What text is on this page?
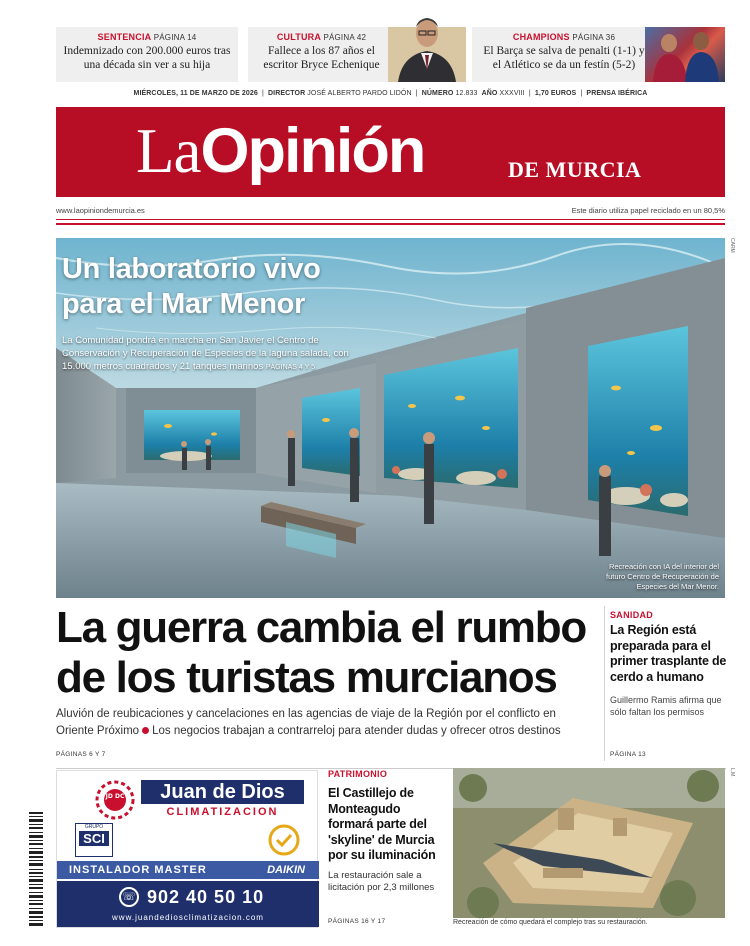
SENTENCIA PÁGINA 14
Indemnizado con 200.000 euros tras una década sin ver a su hija
CULTURA PÁGINA 42
Fallece a los 87 años el escritor Bryce Echenique
CHAMPIONS PÁGINA 36
El Barça se salva de penalti (1-1) y el Atlético se da un festín (5-2)
MIÉRCOLES, 11 DE MARZO DE 2026  |  DIRECTOR JOSÉ ALBERTO PARDO LIDÓN  |  NÚMERO 12.833 AÑO XXXVIII  |  1,70 EUROS  |  PRENSA IBÉRICA
LaOpinión	DE MURCIA
www.laopiniondemurcia.es	Este diario utiliza papel reciclado en un 80,5%
Un laboratorio vivo
para el Mar Menor
La Comunidad pondrá en marcha en San Javier el Centro de Conservación y Recuperación de Especies de la laguna salada, con 15.000 metros cuadrados y 21 tanques marinos PÁGINAS 4 Y 5
Recreación con IA del interior del futuro Centro de Recuperación de Especies del Mar Menor.
CARM
La guerra cambia el rumbo
de los turistas murcianos
Aluvión de reubicaciones y cancelaciones en las agencias de viaje de la Región por el conflicto en Oriente Próximo Los negocios trabajan a contrarreloj para atender dudas y ofrecer otros destinos
PÁGINAS 6 Y 7
SANIDAD
La Región está preparada para el primer trasplante de cerdo a humano
Guillermo Ramis afirma que sólo faltan los permisos
PÁGINA 13
JD DC	Juan de Dios
CLIMATIZACION
GRUPO
SCI
INSTALADOR MASTER	DAIKIN
☏ 902 40 50 10
www.juandediosclimatizacion.com
PATRIMONIO
El Castillejo de Monteagudo formará parte del 'skyline' de Murcia por su iluminación
La restauración sale a licitación por 2,3 millones
PÁGINAS 16 Y 17	Recreación de cómo quedará el complejo tras su restauración.
L.M.
